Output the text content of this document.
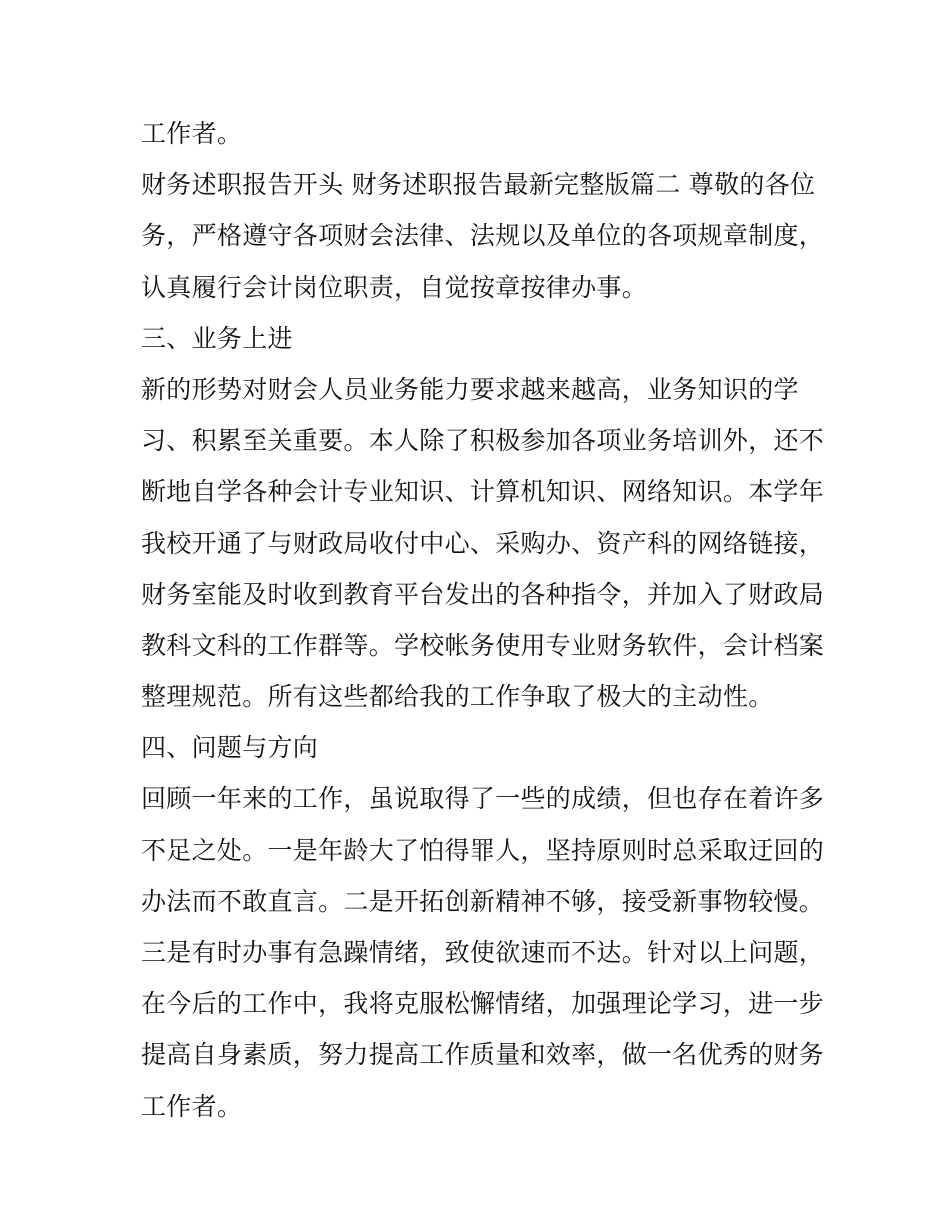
工作者。
财务述职报告开头 财务述职报告最新完整版篇二 尊敬的各位
务，严格遵守各项财会法律、法规以及单位的各项规章制度，
认真履行会计岗位职责，自觉按章按律办事。
三、业务上进
新的形势对财会人员业务能力要求越来越高，业务知识的学
习、积累至关重要。本人除了积极参加各项业务培训外，还不
断地自学各种会计专业知识、计算机知识、网络知识。本学年
我校开通了与财政局收付中心、采购办、资产科的网络链接，
财务室能及时收到教育平台发出的各种指令，并加入了财政局
教科文科的工作群等。学校帐务使用专业财务软件，会计档案
整理规范。所有这些都给我的工作争取了极大的主动性。
四、问题与方向
回顾一年来的工作，虽说取得了一些的成绩，但也存在着许多
不足之处。一是年龄大了怕得罪人，坚持原则时总采取迂回的
办法而不敢直言。二是开拓创新精神不够，接受新事物较慢。
三是有时办事有急躁情绪，致使欲速而不达。针对以上问题，
在今后的工作中，我将克服松懈情绪，加强理论学习，进一步
提高自身素质，努力提高工作质量和效率，做一名优秀的财务
工作者。
